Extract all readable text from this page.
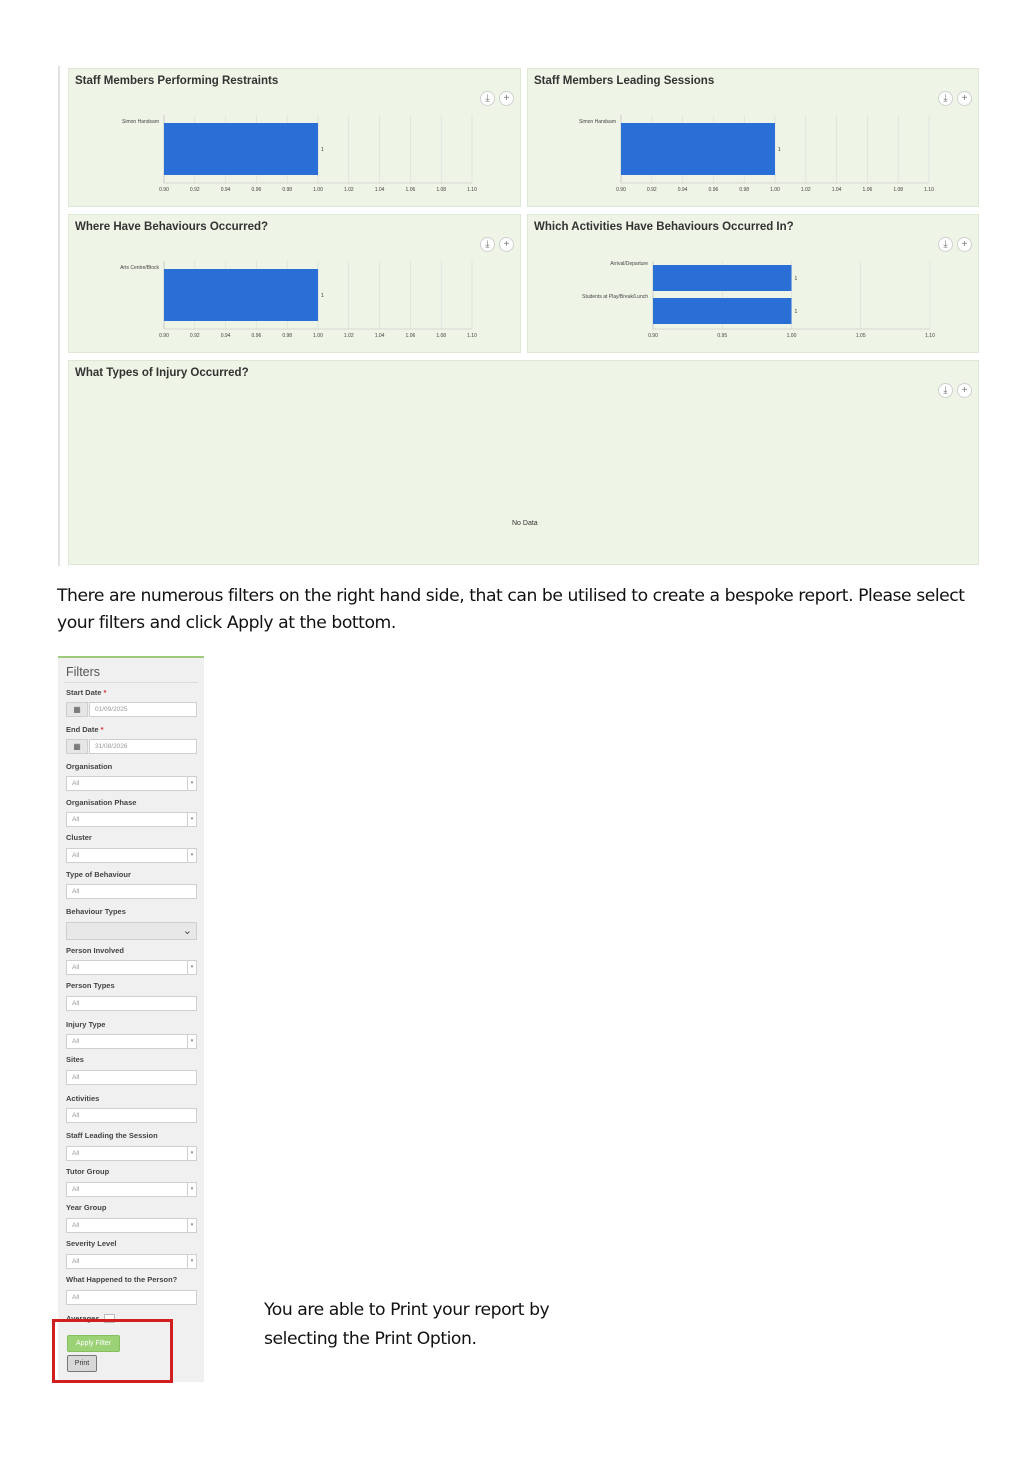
Staff Members Performing Restraints
⤓	+
0.90	0.92	0.94	0.96	0.98	1.00	1.02	1.04	1.06	1.08	1.10
Simon Handsam
1
Staff Members Leading Sessions
⤓	+
0.90	0.92	0.94	0.96	0.98	1.00	1.02	1.04	1.06	1.08	1.10
Simon Handsam
1
Where Have Behaviours Occurred?
⤓	+
0.90	0.92	0.94	0.96	0.98	1.00	1.02	1.04	1.06	1.08	1.10
Arts Centre/Block
1
Which Activities Have Behaviours Occurred In?
⤓	+
0.90	0.95	1.00	1.05	1.10
Arrival/Departure
1
Students at Play/Break/Lunch
1
What Types of Injury Occurred?
⤓	+
No Data
There are numerous filters on the right hand side, that can be utilised to create a bespoke report. Please select your filters and click Apply at the bottom.
Filters
Start Date *
▦	01/09/2025
End Date *
▦	31/08/2026
Organisation
All	▾
Organisation Phase
All	▾
Cluster
All	▾
Type of Behaviour
All
Behaviour Types
⌄
Person Involved
All	▾
Person Types
All
Injury Type
All	▾
Sites
All
Activities
All
Staff Leading the Session
All	▾
Tutor Group
All	▾
Year Group
All	▾
Severity Level
All	▾
What Happened to the Person?
All
Averages
Apply Filter
Print
You are able to Print your report by selecting the Print Option.
